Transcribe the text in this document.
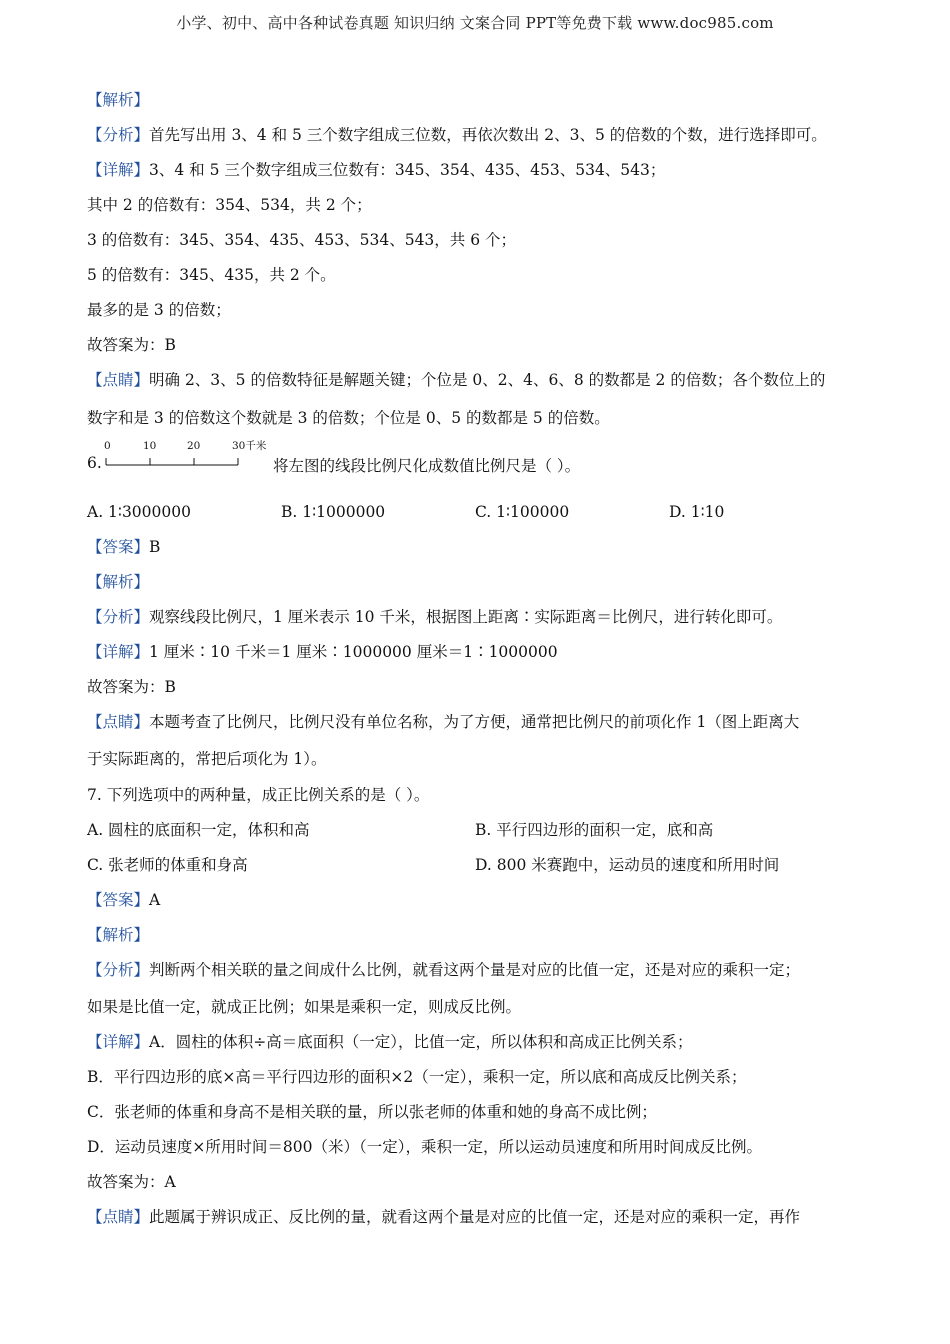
小学、初中、高中各种试卷真题 知识归纳 文案合同 PPT等免费下载 www.doc985.com
【解析】
【分析】首先写出用 3、4 和 5 三个数字组成三位数，再依次数出 2、3、5 的倍数的个数，进行选择即可。
【详解】3、4 和 5 三个数字组成三位数有：345、354、435、453、534、543；
其中 2 的倍数有：354、534，共 2 个；
3 的倍数有：345、354、435、453、534、543，共 6 个；
5 的倍数有：345、435，共 2 个。
最多的是 3 的倍数；
故答案为：B
【点睛】明确 2、3、5 的倍数特征是解题关键；个位是 0、2、4、6、8 的数都是 2 的倍数；各个数位上的
数字和是 3 的倍数这个数就是 3 的倍数；个位是 0、5 的数都是 5 的倍数。
6.
0	10	20	30千米
将左图的线段比例尺化成数值比例尺是（ ）。
A. 1∶3000000	B. 1∶1000000	C. 1∶100000	D. 1∶10
【答案】B
【解析】
【分析】观察线段比例尺，1 厘米表示 10 千米，根据图上距离∶实际距离＝比例尺，进行转化即可。
【详解】1 厘米∶10 千米＝1 厘米∶1000000 厘米＝1∶1000000
故答案为：B
【点睛】本题考查了比例尺，比例尺没有单位名称，为了方便，通常把比例尺的前项化作 1（图上距离大
于实际距离的，常把后项化为 1）。
7. 下列选项中的两种量，成正比例关系的是（ ）。
A. 圆柱的底面积一定，体积和高	B. 平行四边形的面积一定，底和高
C. 张老师的体重和身高	D. 800 米赛跑中，运动员的速度和所用时间
【答案】A
【解析】
【分析】判断两个相关联的量之间成什么比例，就看这两个量是对应的比值一定，还是对应的乘积一定；
如果是比值一定，就成正比例；如果是乘积一定，则成反比例。
【详解】A．圆柱的体积÷高＝底面积（一定），比值一定，所以体积和高成正比例关系；
B．平行四边形的底×高＝平行四边形的面积×2（一定），乘积一定，所以底和高成反比例关系；
C．张老师的体重和身高不是相关联的量，所以张老师的体重和她的身高不成比例；
D．运动员速度×所用时间＝800（米）（一定），乘积一定，所以运动员速度和所用时间成反比例。
故答案为：A
【点睛】此题属于辨识成正、反比例的量，就看这两个量是对应的比值一定，还是对应的乘积一定，再作
